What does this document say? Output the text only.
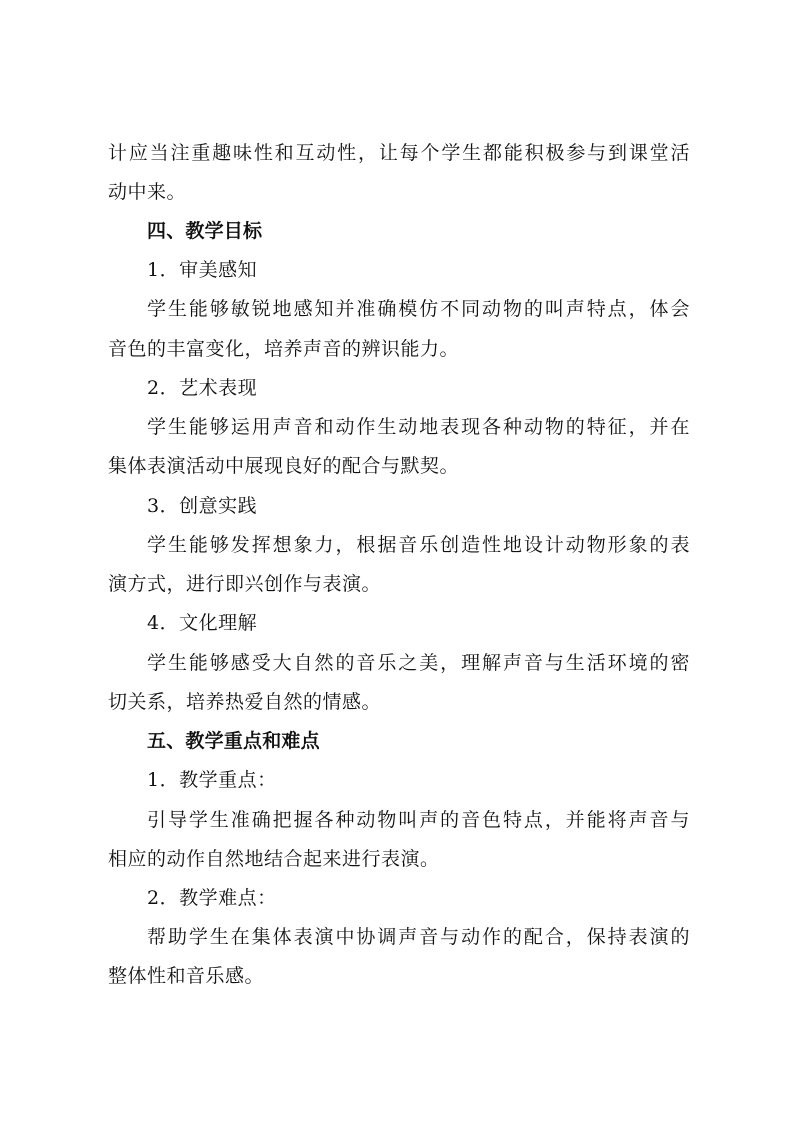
计应当注重趣味性和互动性，让每个学生都能积极参与到课堂活
动中来。
四、教学目标
1．审美感知
学生能够敏锐地感知并准确模仿不同动物的叫声特点，体会
音色的丰富变化，培养声音的辨识能力。
2．艺术表现
学生能够运用声音和动作生动地表现各种动物的特征，并在
集体表演活动中展现良好的配合与默契。
3．创意实践
学生能够发挥想象力，根据音乐创造性地设计动物形象的表
演方式，进行即兴创作与表演。
4．文化理解
学生能够感受大自然的音乐之美，理解声音与生活环境的密
切关系，培养热爱自然的情感。
五、教学重点和难点
1．教学重点：
引导学生准确把握各种动物叫声的音色特点，并能将声音与
相应的动作自然地结合起来进行表演。
2．教学难点：
帮助学生在集体表演中协调声音与动作的配合，保持表演的
整体性和音乐感。
